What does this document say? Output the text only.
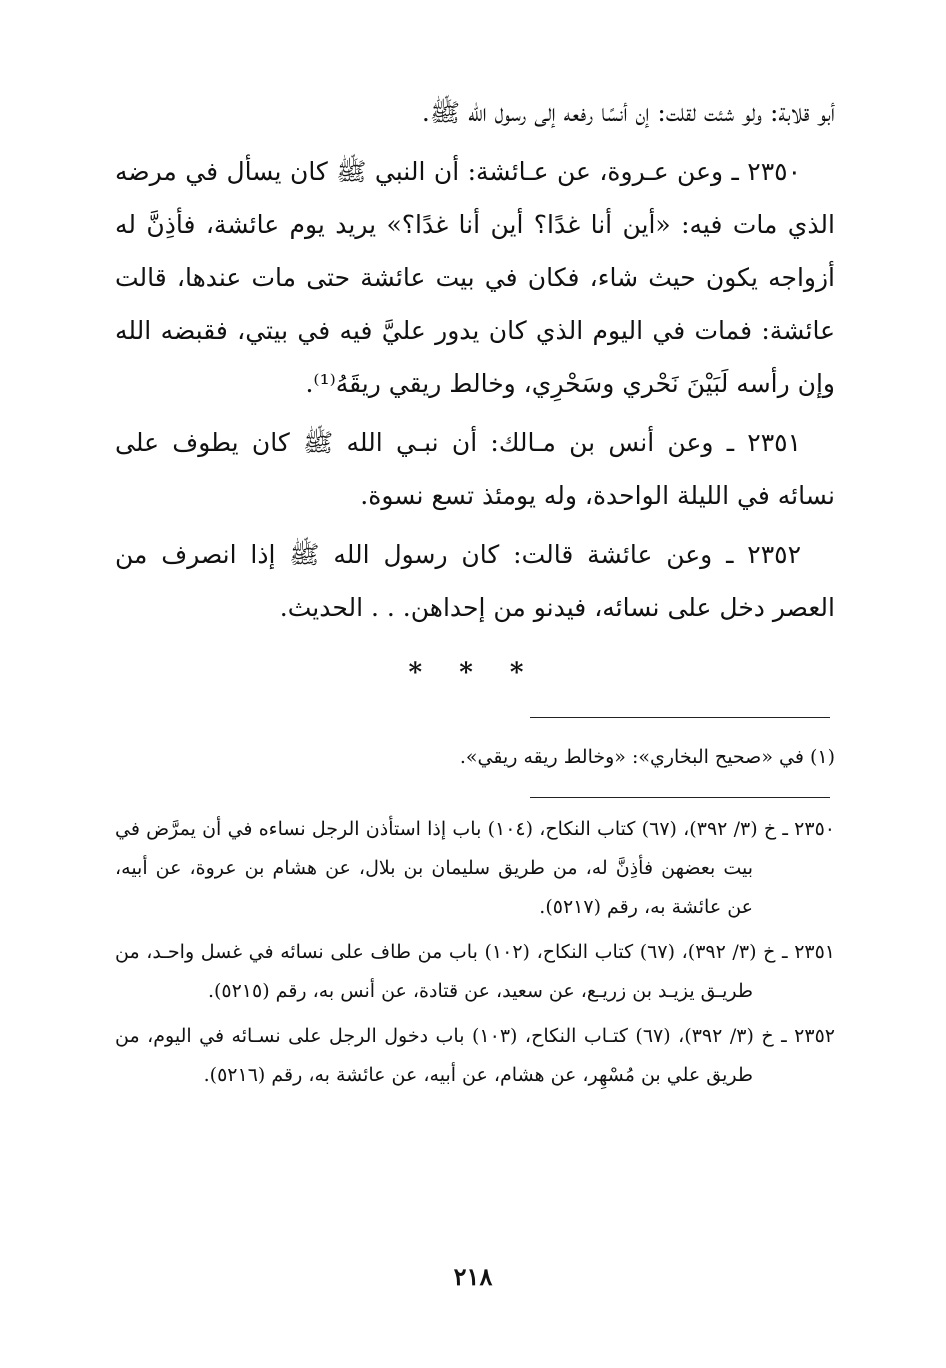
أبو قلابة: ولو شئت لقلت: إن أنسًا رفعه إلى رسول الله ﷺ.

٢٣٥٠ ـ وعن عـروة، عن عـائشة: أن النبي ﷺ كان يسأل في مرضه الذي مات فيه: «أين أنا غدًا؟ أين أنا غدًا؟» يريد يوم عائشة، فأذِنَّ له أزواجه يكون حيث شاء، فكان في بيت عائشة حتى مات عندها، قالت عائشة: فمات في اليوم الذي كان يدور عليَّ فيه في بيتي، فقبضه الله وإن رأسه لَبَيْنَ نَحْري وسَحْرِي، وخالط ريقي ريقَهُ⁽¹⁾.

٢٣٥١ ـ وعن أنس بن مـالك: أن نبـي الله ﷺ كان يطوف على نسائه في الليلة الواحدة، وله يومئذ تسع نسوة.

٢٣٥٢ ـ وعن عائشة قالت: كان رسول الله ﷺ إذا انصرف من العصر دخل على نسائه، فيدنو من إحداهن. . . الحديث.

* * *

(١) في «صحيح البخاري»: «وخالط ريقه ريقي».

٢٣٥٠ ـ خ (٣/ ٣٩٢)، (٦٧) كتاب النكاح، (١٠٤) باب إذا استأذن الرجل نساءه في أن يمرَّض في بيت بعضهن فأذِنَّ له، من طريق سليمان بن بلال، عن هشام بن عروة، عن أبيه، عن عائشة به، رقم (٥٢١٧).

٢٣٥١ ـ خ (٣/ ٣٩٢)، (٦٧) كتاب النكاح، (١٠٢) باب من طاف على نسائه في غسل واحـد، من طريـق يزيـد بن زريـع، عن سعيد، عن قتادة، عن أنس به، رقم (٥٢١٥).

٢٣٥٢ ـ خ (٣/ ٣٩٢)، (٦٧) كتـاب النكاح، (١٠٣) باب دخول الرجل على نسـائه في اليوم، من طريق علي بن مُسْهِر، عن هشام، عن أبيه، عن عائشة به، رقم (٥٢١٦).

٢١٨
